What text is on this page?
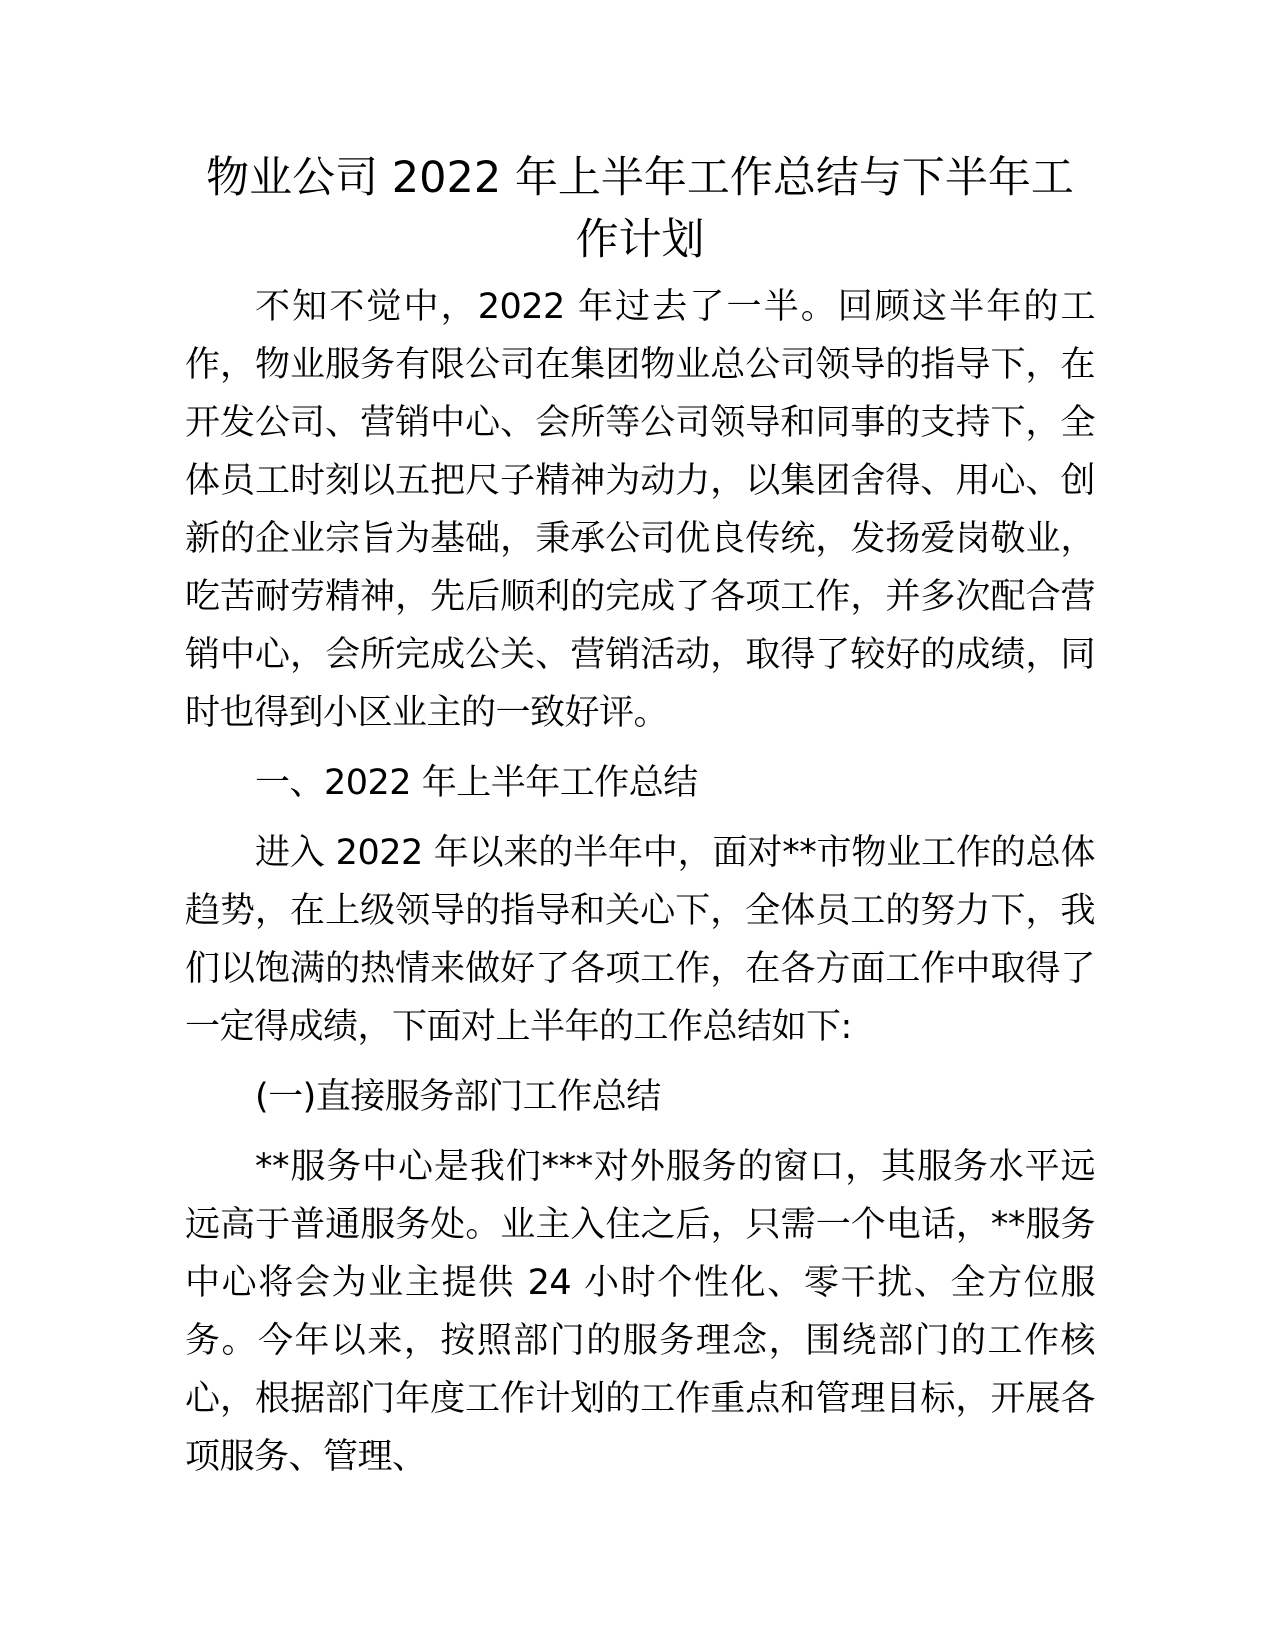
物业公司 2022 年上半年工作总结与下半年工作计划

不知不觉中，2022 年过去了一半。回顾这半年的工作，物业服务有限公司在集团物业总公司领导的指导下，在开发公司、营销中心、会所等公司领导和同事的支持下，全体员工时刻以五把尺子精神为动力，以集团舍得、用心、创新的企业宗旨为基础，秉承公司优良传统，发扬爱岗敬业，吃苦耐劳精神，先后顺利的完成了各项工作，并多次配合营销中心，会所完成公关、营销活动，取得了较好的成绩，同时也得到小区业主的一致好评。

一、2022 年上半年工作总结

进入 2022 年以来的半年中，面对**市物业工作的总体趋势，在上级领导的指导和关心下，全体员工的努力下，我们以饱满的热情来做好了各项工作，在各方面工作中取得了一定得成绩，下面对上半年的工作总结如下:

(一)直接服务部门工作总结

**服务中心是我们***对外服务的窗口，其服务水平远远高于普通服务处。业主入住之后，只需一个电话，**服务中心将会为业主提供 24 小时个性化、零干扰、全方位服务。今年以来，按照部门的服务理念，围绕部门的工作核心，根据部门年度工作计划的工作重点和管理目标，开展各项服务、管理、
